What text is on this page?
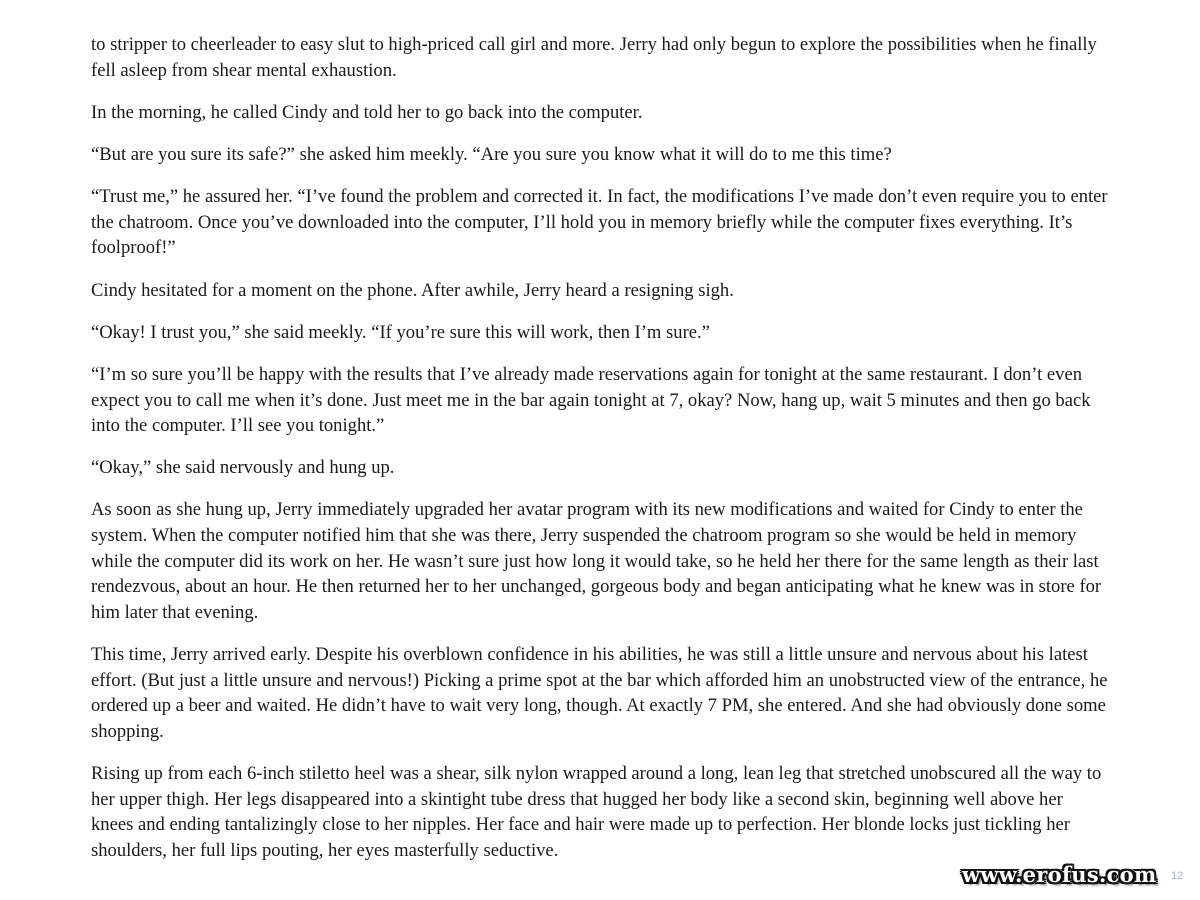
to stripper to cheerleader to easy slut to high-priced call girl and more. Jerry had only begun to explore the possibilities when he finally fell asleep from shear mental exhaustion.

In the morning, he called Cindy and told her to go back into the computer.

“But are you sure its safe?” she asked him meekly. “Are you sure you know what it will do to me this time?

“Trust me,” he assured her. “I’ve found the problem and corrected it. In fact, the modifications I’ve made don’t even require you to enter the chatroom. Once you’ve downloaded into the computer, I’ll hold you in memory briefly while the computer fixes everything. It’s foolproof!”

Cindy hesitated for a moment on the phone. After awhile, Jerry heard a resigning sigh.

“Okay! I trust you,” she said meekly. “If you’re sure this will work, then I’m sure.”

“I’m so sure you’ll be happy with the results that I’ve already made reservations again for tonight at the same restaurant. I don’t even expect you to call me when it’s done. Just meet me in the bar again tonight at 7, okay? Now, hang up, wait 5 minutes and then go back into the computer. I’ll see you tonight.”

“Okay,” she said nervously and hung up.

As soon as she hung up, Jerry immediately upgraded her avatar program with its new modifications and waited for Cindy to enter the system. When the computer notified him that she was there, Jerry suspended the chatroom program so she would be held in memory while the computer did its work on her. He wasn’t sure just how long it would take, so he held her there for the same length as their last rendezvous, about an hour. He then returned her to her unchanged, gorgeous body and began anticipating what he knew was in store for him later that evening.

This time, Jerry arrived early. Despite his overblown confidence in his abilities, he was still a little unsure and nervous about his latest effort. (But just a little unsure and nervous!) Picking a prime spot at the bar which afforded him an unobstructed view of the entrance, he ordered up a beer and waited. He didn’t have to wait very long, though. At exactly 7 PM, she entered. And she had obviously done some shopping.

Rising up from each 6-inch stiletto heel was a shear, silk nylon wrapped around a long, lean leg that stretched unobscured all the way to her upper thigh. Her legs disappeared into a skintight tube dress that hugged her body like a second skin, beginning well above her knees and ending tantalizingly close to her nipples. Her face and hair were made up to perfection. Her blonde locks just tickling her shoulders, her full lips pouting, her eyes masterfully seductive.

www.erofus.com 12
